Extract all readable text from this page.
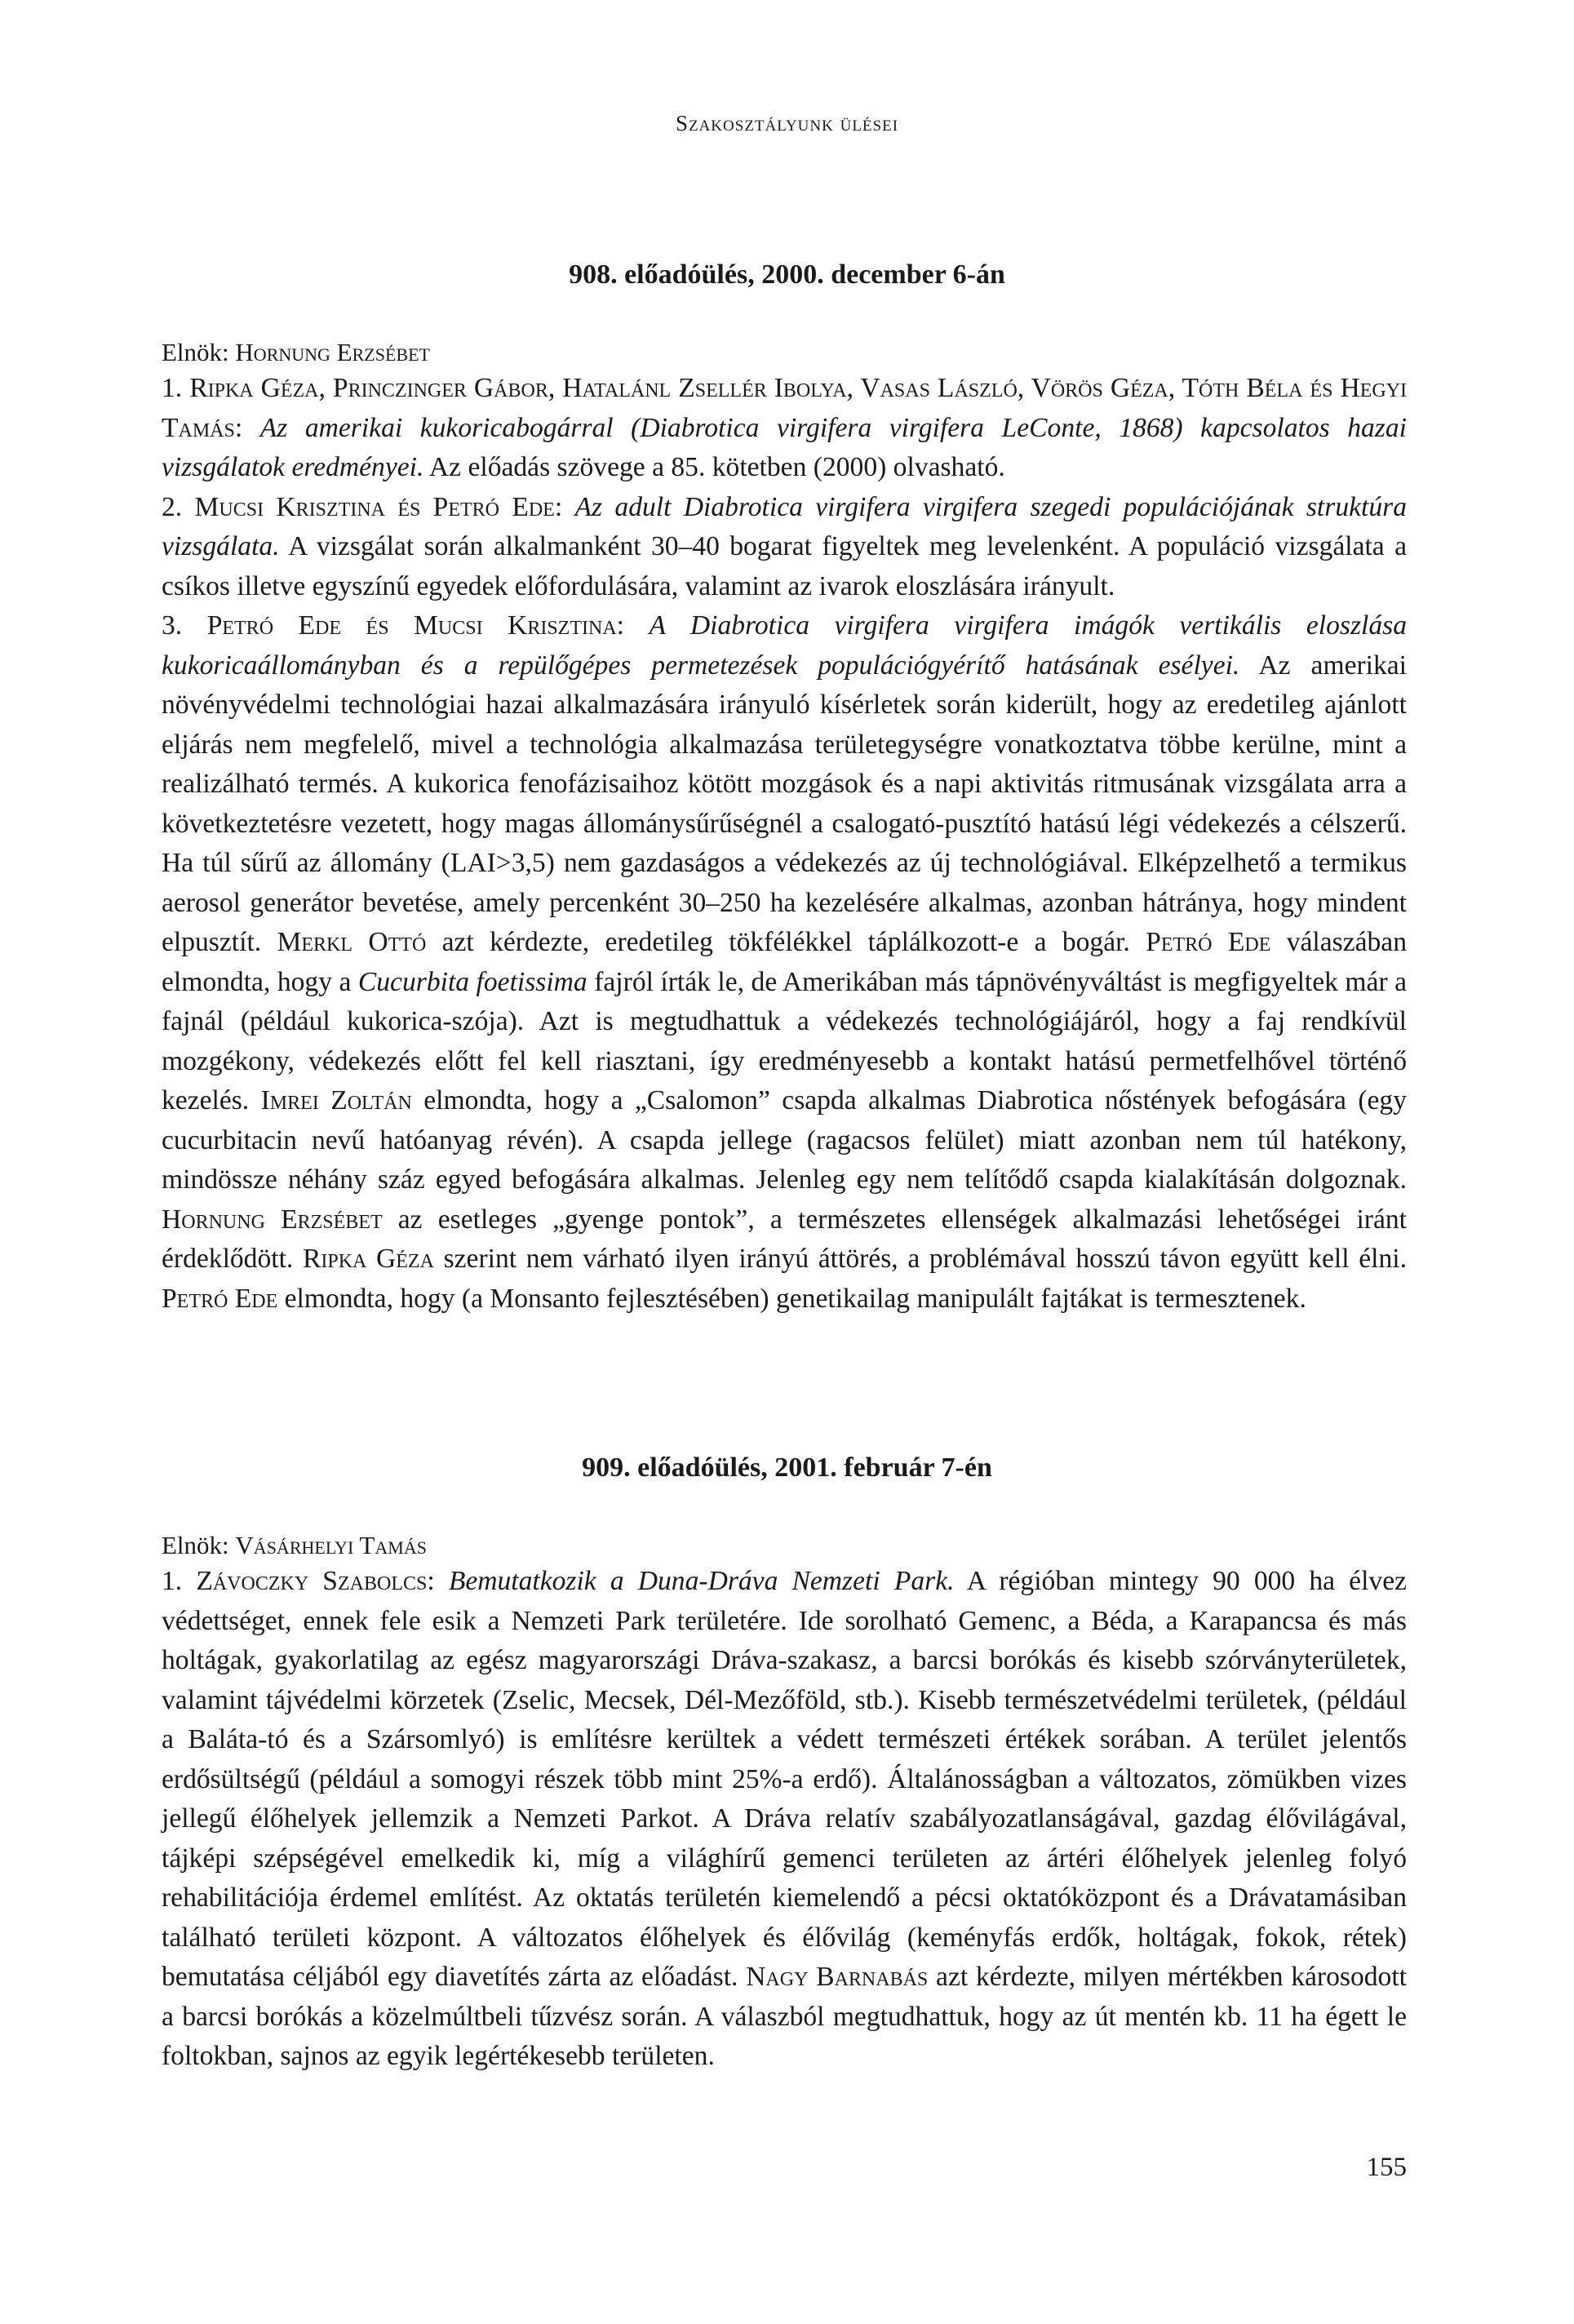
Szakosztályunk ülései
908. előadóülés, 2000. december 6-án
Elnök: Hornung Erzsébet

1. Ripka Géza, Princzinger Gábor, Hatalánl Zsellér Ibolya, Vasas László, Vörös Géza, Tóth Béla és Hegyi Tamás: Az amerikai kukoricabogárral (Diabrotica virgifera virgifera LeConte, 1868) kapcsolatos hazai vizsgálatok eredményei. Az előadás szövege a 85. kötetben (2000) olvasható.

2. Mucsi Krisztina és Petró Ede: Az adult Diabrotica virgifera virgifera szegedi populációjának struktúra vizsgálata. A vizsgálat során alkalmanként 30–40 bogarat figyeltek meg levelenként. A populáció vizsgálata a csíkos illetve egyszínű egyedek előfordulására, valamint az ivarok eloszlására irányult.

3. Petró Ede és Mucsi Krisztina: A Diabrotica virgifera virgifera imágók vertikális eloszlása kukoricaállományban és a repülőgépes permetezések populációgyérítő hatásának esélyei. Az amerikai növényvédelmi technológiai hazai alkalmazására irányuló kísérletek során kiderült, hogy az eredetileg ajánlott eljárás nem megfelelő, mivel a technológia alkalmazása területegységre vonatkoztatva többe kerülne, mint a realizálható termés. A kukorica fenofázisaihoz kötött mozgások és a napi aktivitás ritmusának vizsgálata arra a következtetésre vezetett, hogy magas állománysűrűségnél a csalogató-pusztító hatású légi védekezés a célszerű. Ha túl sűrű az állomány (LAI>3,5) nem gazdaságos a védekezés az új technológiával. Elképzelhető a termikus aerosol generátor bevetése, amely percenként 30–250 ha kezelésére alkalmas, azonban hátránya, hogy mindent elpusztít. Merkl Ottó azt kérdezte, eredetileg tökfélékkel táplálkozott-e a bogár. Petró Ede válaszában elmondta, hogy a Cucurbita foetissima fajról írták le, de Amerikában más tápnövényváltást is megfigyeltek már a fajnál (például kukorica-szója). Azt is megtudhattuk a védekezés technológiájáról, hogy a faj rendkívül mozgékony, védekezés előtt fel kell riasztani, így eredményesebb a kontakt hatású permetfelhővel történő kezelés. Imrei Zoltán elmondta, hogy a „Csalomon” csapda alkalmas Diabrotica nőstények befogására (egy cucurbitacin nevű hatóanyag révén). A csapda jellege (ragacsos felület) miatt azonban nem túl hatékony, mindössze néhány száz egyed befogására alkalmas. Jelenleg egy nem telítődő csapda kialakításán dolgoznak. Hornung Erzsébet az esetleges „gyenge pontok”, a természetes ellenségek alkalmazási lehetőségei iránt érdeklődött. Ripka Géza szerint nem várható ilyen irányú áttörés, a problémával hosszú távon együtt kell élni. Petró Ede elmondta, hogy (a Monsanto fejlesztésében) genetikailag manipulált fajtákat is termesztenek.

909. előadóülés, 2001. február 7-én
Elnök: Vásárhelyi Tamás

1. Závoczky Szabolcs: Bemutatkozik a Duna-Dráva Nemzeti Park. A régióban mintegy 90 000 ha élvez védettséget, ennek fele esik a Nemzeti Park területére. Ide sorolható Gemenc, a Béda, a Karapancsa és más holtágak, gyakorlatilag az egész magyarországi Dráva-szakasz, a barcsi borókás és kisebb szórványterületek, valamint tájvédelmi körzetek (Zselic, Mecsek, Dél-Mezőföld, stb.). Kisebb természetvédelmi területek, (például a Baláta-tó és a Szársomlyó) is említésre kerültek a védett természeti értékek sorában. A terület jelentős erdősültségű (például a somogyi részek több mint 25%-a erdő). Általánosságban a változatos, zömükben vizes jellegű élőhelyek jellemzik a Nemzeti Parkot. A Dráva relatív szabályozatlanságával, gazdag élővilágával, tájképi szépségével emelkedik ki, míg a világhírű gemenci területen az ártéri élőhelyek jelenleg folyó rehabilitációja érdemel említést. Az oktatás területén kiemelendő a pécsi oktatóközpont és a Drávatamásiban található területi központ. A változatos élőhelyek és élővilág (keményfás erdők, holtágak, fokok, rétek) bemutatása céljából egy diavetítés zárta az előadást. Nagy Barnabás azt kérdezte, milyen mértékben károsodott a barcsi borókás a közelmúltbeli tűzvész során. A válaszból megtudhattuk, hogy az út mentén kb. 11 ha égett le foltokban, sajnos az egyik legértékesebb területen.

155
